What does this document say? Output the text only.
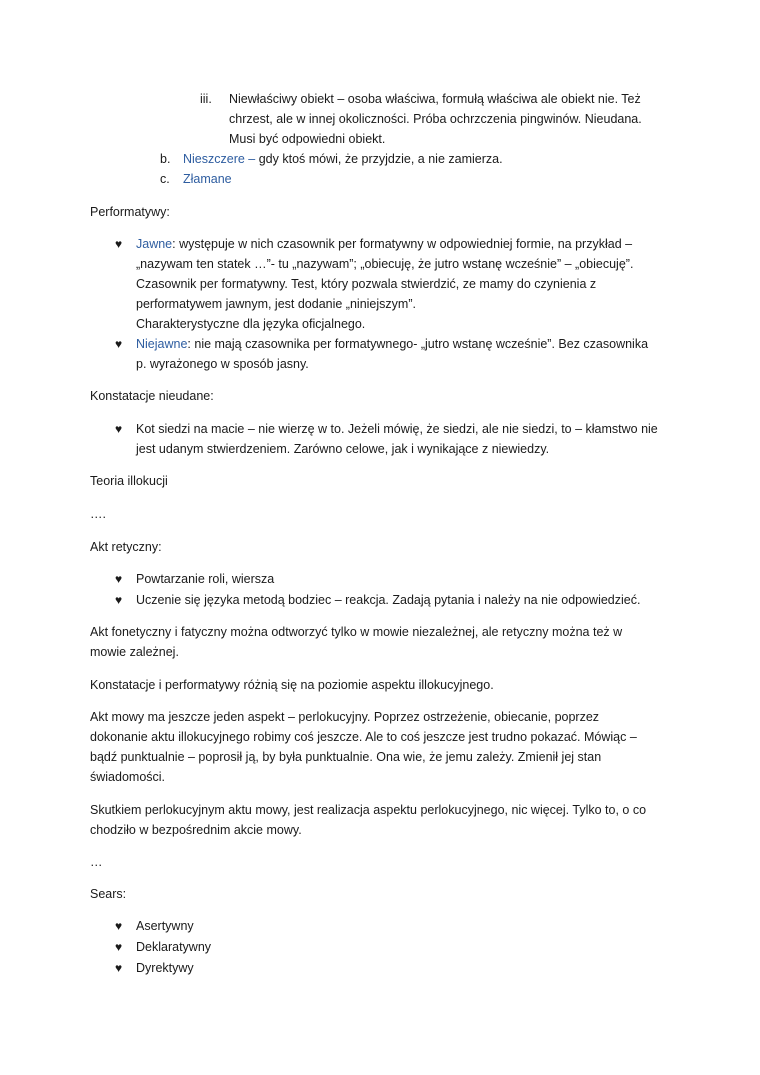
iii. Niewłaściwy obiekt – osoba właściwa, formułą właściwa ale obiekt nie. Też
chrzest, ale w innej okoliczności. Próba ochrzczenia pingwinów. Nieudana.
Musi być odpowiedni obiekt.
b. Nieszczere – gdy ktoś mówi, że przyjdzie, a nie zamierza.
c. Złamane
Performatywy:
♥ Jawne: występuje w nich czasownik per formatywny w odpowiedniej formie, na przykład –
„nazywam ten statek …”- tu „nazywam”; „obiecuję, że jutro wstanę wcześnie” – „obiecuję”.
Czasownik per formatywny. Test, który pozwala stwierdzić, ze mamy do czynienia z
performatywem jawnym, jest dodanie „niniejszym”.
Charakterystyczne dla języka oficjalnego.
♥ Niejawne: nie mają czasownika per formatywnego- „jutro wstanę wcześnie”. Bez czasownika
p. wyrażonego w sposób jasny.
Konstatacje nieudane:
♥ Kot siedzi na macie – nie wierzę w to. Jeżeli mówię, że siedzi, ale nie siedzi, to – kłamstwo nie
jest udanym stwierdzeniem. Zarówno celowe, jak i wynikające z niewiedzy.
Teoria illokucji
….
Akt retyczny:
♥ Powtarzanie roli, wiersza
♥ Uczenie się języka metodą bodziec – reakcja. Zadają pytania i należy na nie odpowiedzieć.
Akt fonetyczny i fatyczny można odtworzyć tylko w mowie niezależnej, ale retyczny można też w
mowie zależnej.
Konstatacje i performatywy różnią się na poziomie aspektu illokucyjnego.
Akt mowy ma jeszcze jeden aspekt – perlokucyjny. Poprzez ostrzeżenie, obiecanie, poprzez
dokonanie aktu illokucyjnego robimy coś jeszcze. Ale to coś jeszcze jest trudno pokazać. Mówiąc –
bądź punktualnie – poprosił ją, by była punktualnie. Ona wie, że jemu zależy. Zmienił jej stan
świadomości.
Skutkiem perlokucyjnym aktu mowy, jest realizacja aspektu perlokucyjnego, nic więcej. Tylko to, o co
chodziło w bezpośrednim akcie mowy.
…
Sears:
♥ Asertywny
♥ Deklaratywny
♥ Dyrektywy
